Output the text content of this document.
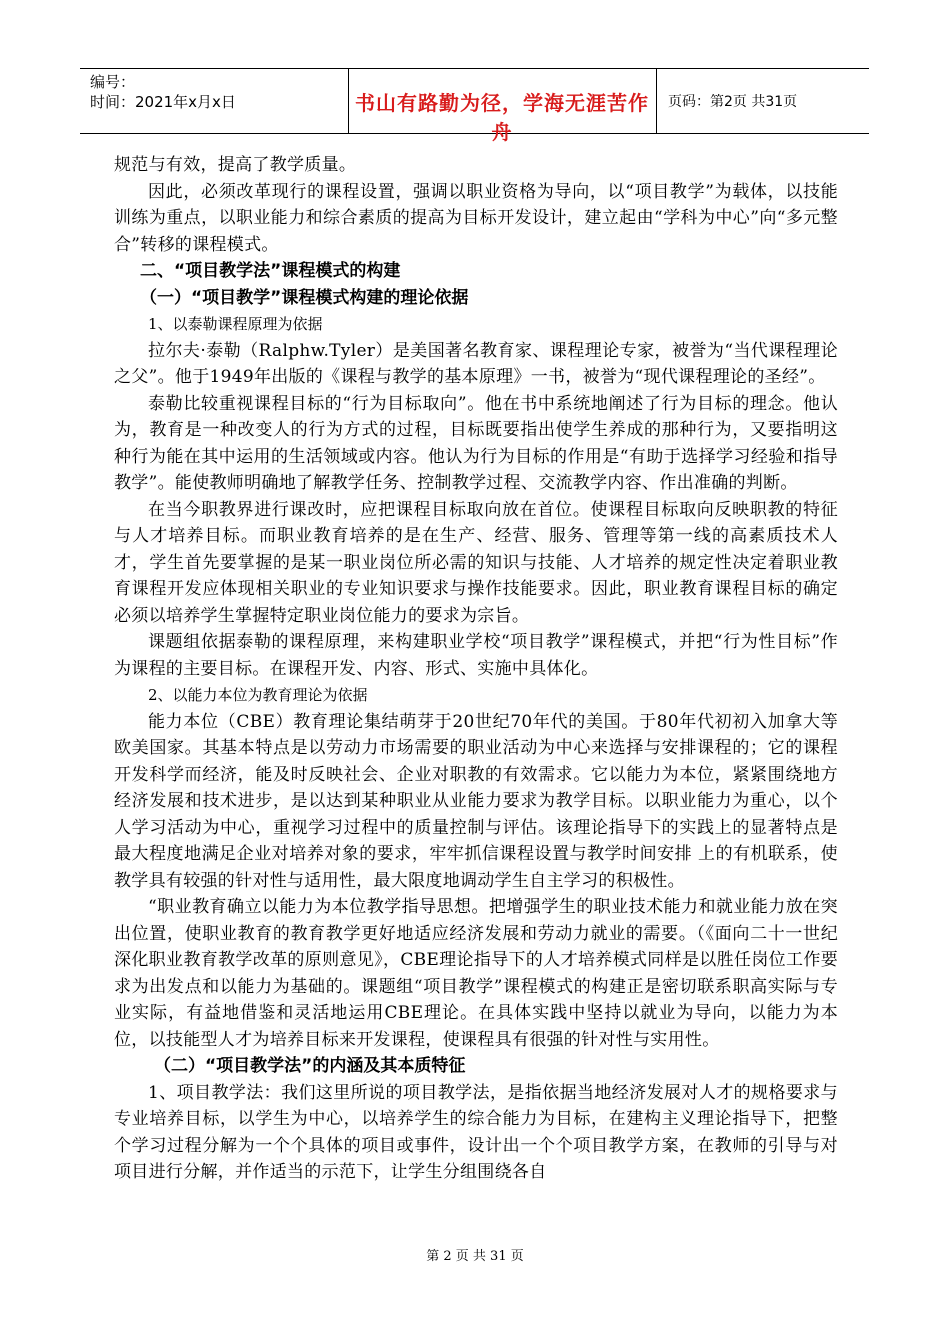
编号：
时间：2021年x月x日	书山有路勤为径，学海无涯苦作舟
页码：第2页 共31页

规范与有效，提高了教学质量。

因此，必须改革现行的课程设置，强调以职业资格为导向，以“项目教学”为载体，以技能训练为重点，以职业能力和综合素质的提高为目标开发设计，建立起由“学科为中心”向“多元整合”转移的课程模式。

二、“项目教学法”课程模式的构建

（一）“项目教学”课程模式构建的理论依据

1、以泰勒课程原理为依据

拉尔夫·泰勒（Ralphw.Tyler）是美国著名教育家、课程理论专家，被誉为“当代课程理论之父”。他于1949年出版的《课程与教学的基本原理》一书，被誉为“现代课程理论的圣经”。

泰勒比较重视课程目标的“行为目标取向”。他在书中系统地阐述了行为目标的理念。他认为，教育是一种改变人的行为方式的过程，目标既要指出使学生养成的那种行为，又要指明这种行为能在其中运用的生活领域或内容。他认为行为目标的作用是“有助于选择学习经验和指导教学”。能使教师明确地了解教学任务、控制教学过程、交流教学内容、作出准确的判断。

在当今职教界进行课改时，应把课程目标取向放在首位。使课程目标取向反映职教的特征与人才培养目标。而职业教育培养的是在生产、经营、服务、管理等第一线的高素质技术人才，学生首先要掌握的是某一职业岗位所必需的知识与技能、人才培养的规定性决定着职业教育课程开发应体现相关职业的专业知识要求与操作技能要求。因此，职业教育课程目标的确定必须以培养学生掌握特定职业岗位能力的要求为宗旨。

课题组依据泰勒的课程原理，来构建职业学校“项目教学”课程模式，并把“行为性目标”作为课程的主要目标。在课程开发、内容、形式、实施中具体化。

2、以能力本位为教育理论为依据

能力本位（CBE）教育理论集结萌芽于20世纪70年代的美国。于80年代初初入加拿大等欧美国家。其基本特点是以劳动力市场需要的职业活动为中心来选择与安排课程的；它的课程开发科学而经济，能及时反映社会、企业对职教的有效需求。它以能力为本位，紧紧围绕地方经济发展和技术进步，是以达到某种职业从业能力要求为教学目标。以职业能力为重心，以个人学习活动为中心，重视学习过程中的质量控制与评估。该理论指导下的实践上的显著特点是最大程度地满足企业对培养对象的要求，牢牢抓信课程设置与教学时间安排 上的有机联系，使教学具有较强的针对性与适用性，最大限度地调动学生自主学习的积极性。

“职业教育确立以能力为本位教学指导思想。把增强学生的职业技术能力和就业能力放在突出位置，使职业教育的教育教学更好地适应经济发展和劳动力就业的需要。（《面向二十一世纪深化职业教育教学改革的原则意见》，CBE理论指导下的人才培养模式同样是以胜任岗位工作要求为出发点和以能力为基础的。课题组“项目教学”课程模式的构建正是密切联系职高实际与专业实际，有益地借鉴和灵活地运用CBE理论。在具体实践中坚持以就业为导向，以能力为本位，以技能型人才为培养目标来开发课程，使课程具有很强的针对性与实用性。

（二）“项目教学法”的内涵及其本质特征

1、项目教学法：我们这里所说的项目教学法，是指依据当地经济发展对人才的规格要求与专业培养目标，以学生为中心，以培养学生的综合能力为目标，在建构主义理论指导下，把整个学习过程分解为一个个具体的项目或事件，设计出一个个项目教学方案，在教师的引导与对项目进行分解，并作适当的示范下，让学生分组围绕各自

第 2 页 共 31 页
